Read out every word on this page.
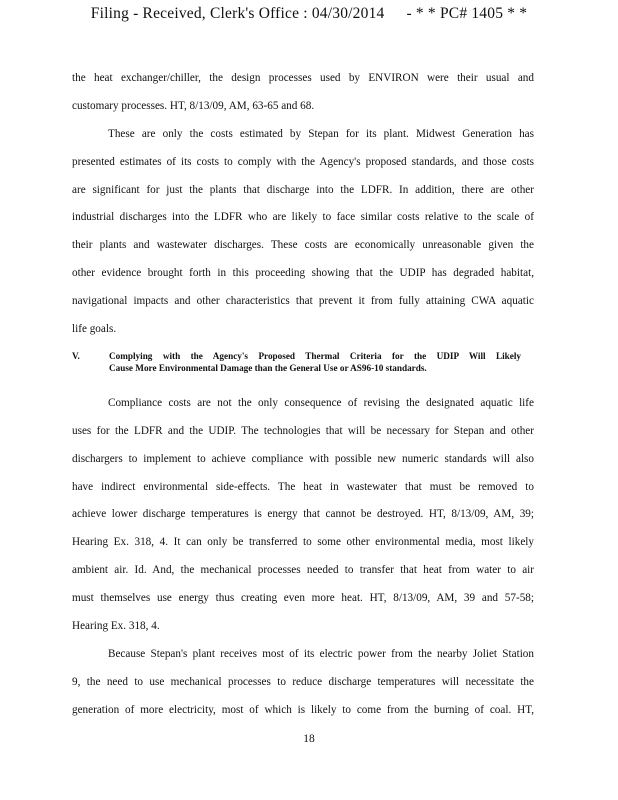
Filing - Received, Clerk's Office : 04/30/2014 - * * PC# 1405 * *
the heat exchanger/chiller, the design processes used by ENVIRON were their usual and
customary processes. HT, 8/13/09, AM, 63-65 and 68.
These are only the costs estimated by Stepan for its plant. Midwest Generation has
presented estimates of its costs to comply with the Agency's proposed standards, and those costs
are significant for just the plants that discharge into the LDFR. In addition, there are other
industrial discharges into the LDFR who are likely to face similar costs relative to the scale of
their plants and wastewater discharges. These costs are economically unreasonable given the
other evidence brought forth in this proceeding showing that the UDIP has degraded habitat,
navigational impacts and other characteristics that prevent it from fully attaining CWA aquatic
life goals.
V.	Complying with the Agency's Proposed Thermal Criteria for the UDIP Will Likely
Cause More Environmental Damage than the General Use or AS96-10 standards.
Compliance costs are not the only consequence of revising the designated aquatic life
uses for the LDFR and the UDIP. The technologies that will be necessary for Stepan and other
dischargers to implement to achieve compliance with possible new numeric standards will also
have indirect environmental side-effects. The heat in wastewater that must be removed to
achieve lower discharge temperatures is energy that cannot be destroyed. HT, 8/13/09, AM, 39;
Hearing Ex. 318, 4. It can only be transferred to some other environmental media, most likely
ambient air. Id. And, the mechanical processes needed to transfer that heat from water to air
must themselves use energy thus creating even more heat. HT, 8/13/09, AM, 39 and 57-58;
Hearing Ex. 318, 4.
Because Stepan's plant receives most of its electric power from the nearby Joliet Station
9, the need to use mechanical processes to reduce discharge temperatures will necessitate the
generation of more electricity, most of which is likely to come from the burning of coal. HT,
18
